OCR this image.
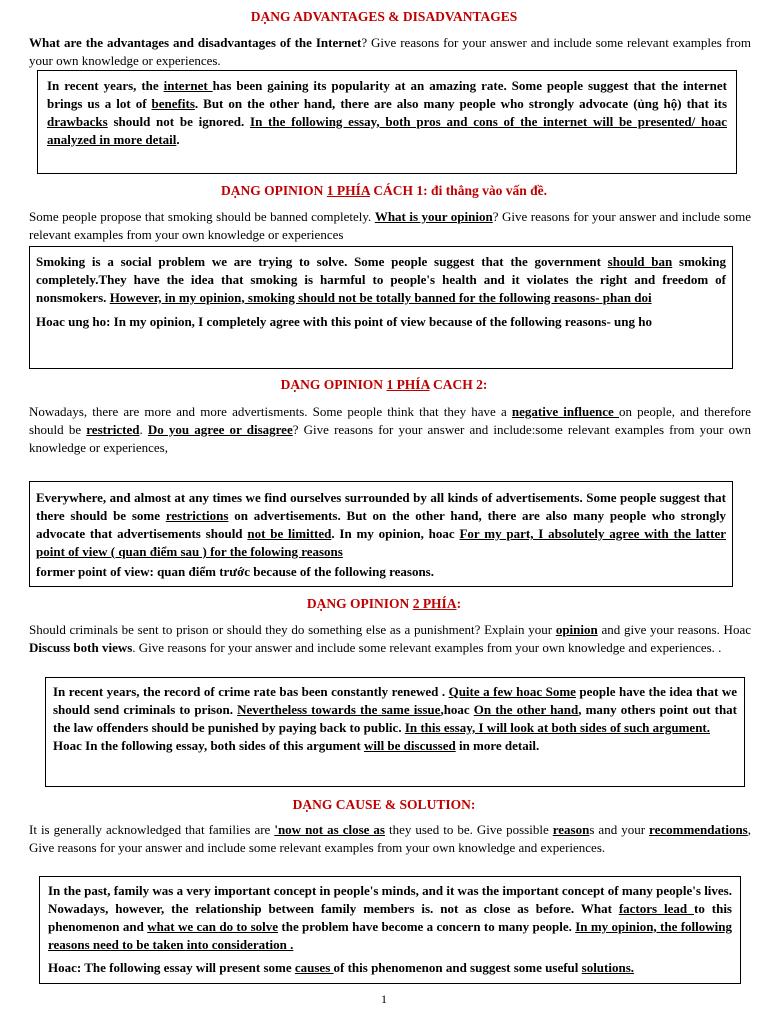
DẠNG ADVANTAGES & DISADVANTAGES
What are the advantages and disadvantages of the Internet? Give reasons for your answer and include some relevant examples from your own knowledge or experiences.

In recent years, the internet has been gaining its popularity at an amazing rate. Some people suggest that the internet brings us a lot of benefits. But on the other hand, there are also many people who strongly advocate (ủng hộ) that its drawbacks should not be ignored. In the following essay, both pros and cons of the internet will be presented/ hoac analyzed in more detail.

DẠNG OPINION 1 PHÍA CÁCH 1: đi thẳng vào vấn đề.
Some people propose that smoking should be banned completely. What is your opinion? Give reasons for your answer and include some relevant examples from your own knowledge or experiences

Smoking is a social problem we are trying to solve. Some people suggest that the government should ban smoking completely.They have the idea that smoking is harmful to people's health and it violates the right and freedom of nonsmokers. However, in my opinion, smoking should not be totally banned for the following reasons- phan doi

Hoac ung ho: In my opinion, I completely agree with this point of view because of the following reasons- ung ho

DẠNG OPINION 1 PHÍA CACH 2:
Nowadays, there are more and more advertisments. Some people think that they have a negative influence on people, and therefore should be restricted. Do you agree or disagree? Give reasons for your answer and include:some relevant examples from your own knowledge or experiences,

Everywhere, and almost at any times we find ourselves surrounded by all kinds of advertisements. Some people suggest that there should be some restrictions on advertisements. But on the other hand, there are also many people who strongly advocate that advertisements should not be limitted. In my opinion, hoac For my part, I absolutely agree with the latter point of view ( quan điểm sau ) for the folowing reasons

former point of view: quan điểm trước because of the following reasons.

DẠNG OPINION 2 PHÍA:
Should criminals be sent to prison or should they do something else as a punishment? Explain your opinion and give your reasons. Hoac Discuss both views. Give reasons for your answer and include some relevant examples from your own knowledge and experiences. .

In recent years, the record of crime rate bas been constantly renewed . Quite a few hoac Some people have the idea that we should send criminals to prison. Nevertheless towards the same issue,hoac On the other hand, many others point out that the law offenders should be punished by paying back to public. In this essay, I will look at both sides of such argument.

Hoac In the following essay, both sides of this argument will be discussed in more detail.

DẠNG CAUSE & SOLUTION:
It is generally acknowledged that families are 'now not as close as they used to be. Give possible reasons and your recommendations, Give reasons for your answer and include some relevant examples from your own knowledge and experiences.

In the past, family was a very important concept in people's minds, and it was the important concept of many people's lives. Nowadays, however, the relationship between family members is. not as close as before. What factors lead to this phenomenon and what we can do to solve the problem have become a concern to many people. In my opinion, the following reasons need to be taken into consideration .

Hoac: The following essay will present some causes of this phenomenon and suggest some useful solutions.

1
